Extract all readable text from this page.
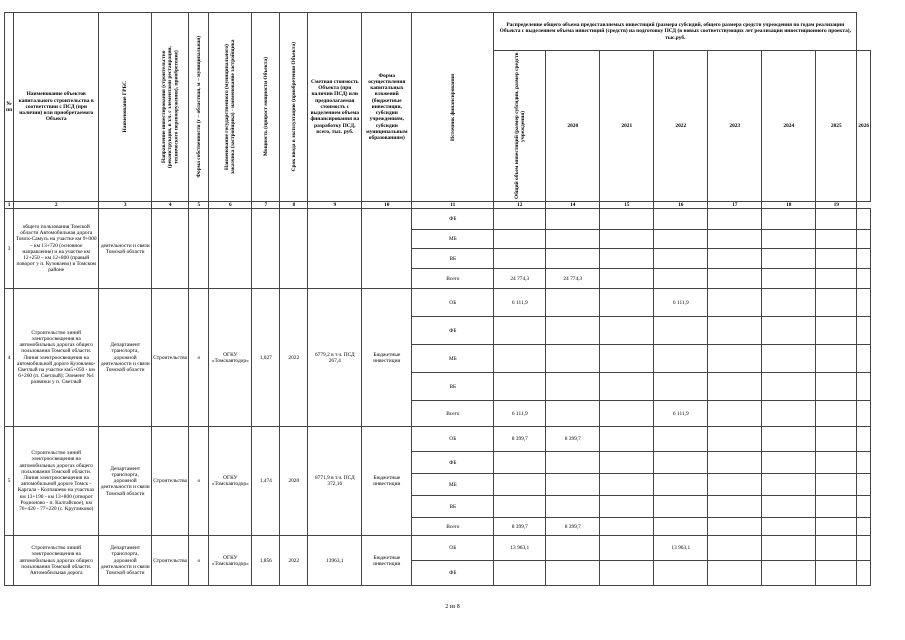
№ пп	Наименование объектов капитального строительства в соответствии с ПСД (при наличии) или приобретаемого Объекта	Наименование ГРБС	Направление инвестирования (строительство (реконструкция, в т.ч. с элементами реставрации, технического перевооружения), приобретение)	Форма собственности (г – областная, м – муниципальная)	Наименование государственного (муниципального) заказчика (застройщика) - наименование застройщика	Мощность (прирост мощности Объекта)	Срок ввода в эксплуатацию (приобретения Объекта)	Сметная стоимость Объекта (при наличии ПСД) или предполагаемая стоимость с выделением объема финансирования на разработку ПСД, всего, тыс. руб.	Форма осуществления капитальных вложений (бюджетные инвестиции, субсидии учреждениям, субсидии муниципальным образованиям)	Источник финансирования	Распределение общего объема предоставляемых инвестиций (размера субсидий, общего размера средств учреждения по годам реализации Объекта с выделением объема инвестиций (средств) на подготовку ПСД (в новых соответствующих лет реализации инвестиционного проекта), тыс.руб.							

											Общий объем инвестиций (размер субсидии, размер средств учреждения)	2020	2021	2022	2023	2024	2025	2026
1	2	3	4	5	6	7	8	9	10	11	12	14	15	16	17	18	19	
3	общего пользования Томской области Автомобильная дорога Томск-Самусь на участке км 9+000 – км 13+720 (основное направление) и на участке км 12+250 – км 12+800 (правый поворот у п. Кузовлево) в Томском районе	деятельности и связи Томской области								ФБ								
										МБ								
										ВБ								
										Всего	24 774,3	24 774,3						
4	Строительство линий электроосвещения на автомобильных дорогах общего пользования Томской области. Линия электроосвещения на автомобильной дороге Кузовлево-Светлый на участке км5+050 - км 6+260 (п. Светлый); Элемент №1 развязки у п. Светлый	Департамент транспорта, дорожной деятельности и связи Томской области	Строительство	о	ОГКУ «Томскавтодор»	1,027	2022	6779,2 в т.ч. ПСД 267,4	Бюджетные инвестиции	ОБ	6 111,9			6 111,9				
										ФБ								
										МБ								
										ВБ								
										Всего	6 111,9			6 111,9				
5	Строительство линий электроосвещения на автомобильных дорогах общего пользования Томской области. Линия электроосвещения на автомобильной дороге Томск - Каргала - Колпашево на участках км 13+190 - км 13+800 (отворот Родионово - п. Калтайское), км 76+420 - 77+220 (с. Кругликово)	Департамент транспорта, дорожной деятельности и связи Томской области	Строительство	о	ОГКУ «Томскавтодор»	1,474	2020	8771,9 в т.ч. ПСД 372,16	Бюджетные инвестиции	ОБ	8 399,7	8 399,7						
										ФБ								
										МБ								
										ВБ								
										Всего	8 399,7	8 399,7						
	Строительство линий электроосвещения на автомобильных дорогах общего пользования Томской области. Автомобильная дорога	Департамент транспорта, дорожной деятельности и связи Томской области	Строительство	о	ОГКУ «Томскавтодор»	1,856	2022	13963,1	Бюджетные инвестиции	ОБ	13 963,1			13 963,1				
										ФБ								
2 из 8
